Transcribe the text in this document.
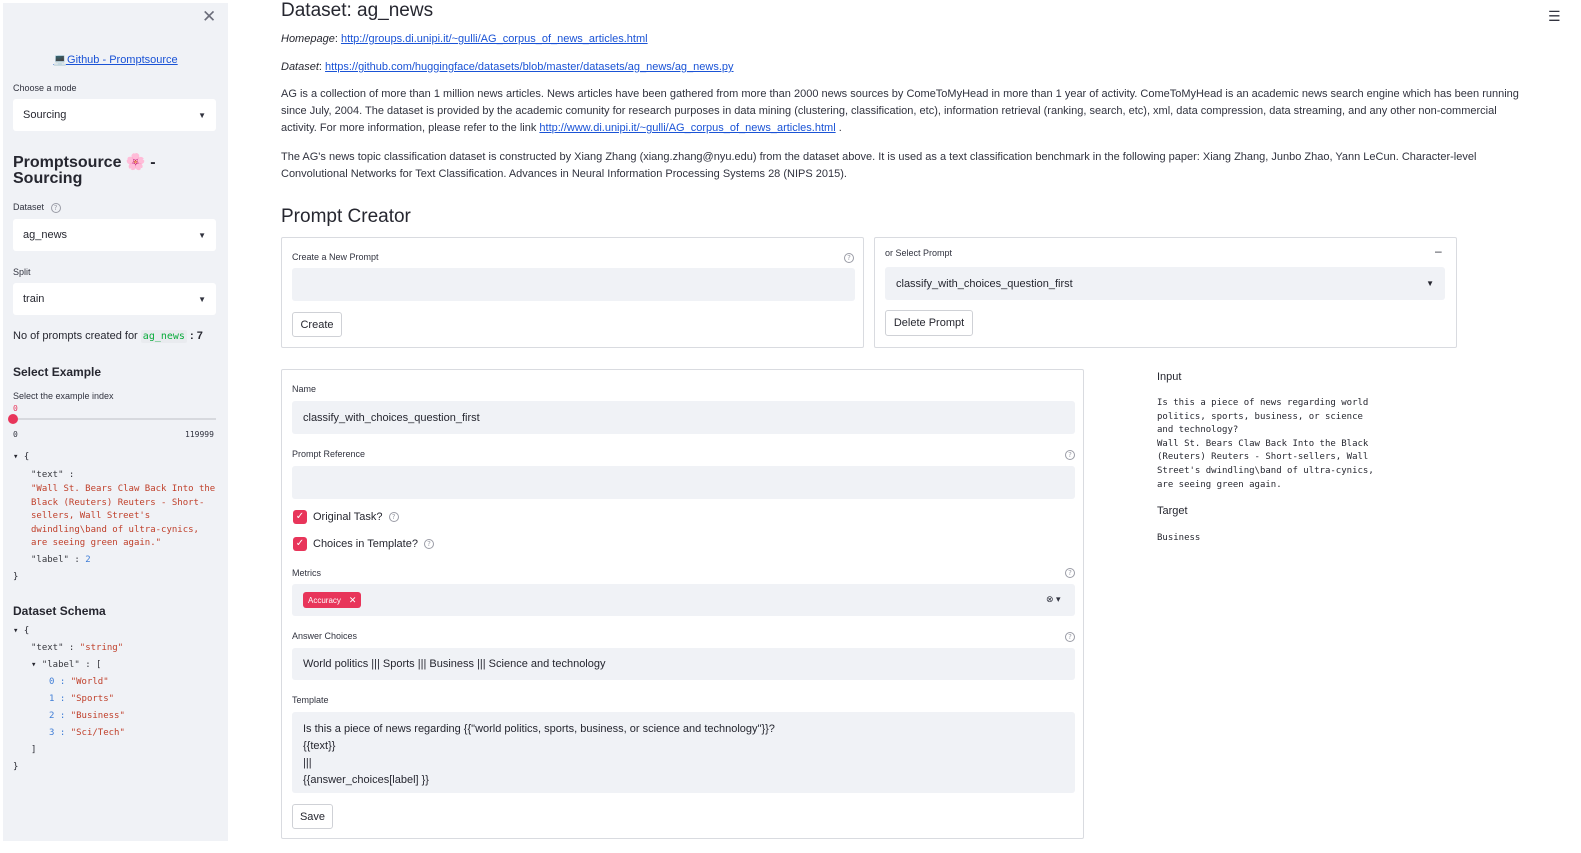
✕
💻Github - Promptsource
Choose a mode
Sourcing	▼
Promptsource 🌸 - Sourcing
Dataset ?
ag_news	▼
Split
train	▼
No of prompts created for ag_news : 7
Select Example
Select the example index
0
0	119999
▾ {
"text" :
"Wall St. Bears Claw Back Into the
Black (Reuters) Reuters - Short-
sellers, Wall Street's
dwindling\band of ultra-cynics,
are seeing green again."
"label" : 2
}
Dataset Schema
▾ {
"text" : "string"
▾ "label" : [
0 : "World"
1 : "Sports"
2 : "Business"
3 : "Sci/Tech"
]
}
Dataset: ag_news	☰
Homepage: http://groups.di.unipi.it/~gulli/AG_corpus_of_news_articles.html
Dataset: https://github.com/huggingface/datasets/blob/master/datasets/ag_news/ag_news.py
AG is a collection of more than 1 million news articles. News articles have been gathered from more than 2000 news sources by ComeToMyHead in more than 1 year of activity. ComeToMyHead is an academic news search engine which has been running since July, 2004. The dataset is provided by the academic comunity for research purposes in data mining (clustering, classification, etc), information retrieval (ranking, search, etc), xml, data compression, data streaming, and any other non-commercial activity. For more information, please refer to the link http://www.di.unipi.it/~gulli/AG_corpus_of_news_articles.html .
The AG's news topic classification dataset is constructed by Xiang Zhang (xiang.zhang@nyu.edu) from the dataset above. It is used as a text classification benchmark in the following paper: Xiang Zhang, Junbo Zhao, Yann LeCun. Character-level Convolutional Networks for Text Classification. Advances in Neural Information Processing Systems 28 (NIPS 2015).
Prompt Creator
Create a New Prompt	?
Create
or Select Prompt	–
classify_with_choices_question_first	▼
Delete Prompt
Name
classify_with_choices_question_first
Prompt Reference	?
✓ Original Task? ?
✓ Choices in Template? ?
Metrics	?
Accuracy ✕	⊗ ▾
Answer Choices	?
World politics ||| Sports ||| Business ||| Science and technology
Template
Is this a piece of news regarding {{"world politics, sports, business, or science and technology"}}?
{{text}}
|||
{{answer_choices[label] }}
Save
Input
Is this a piece of news regarding world
politics, sports, business, or science
and technology?
Wall St. Bears Claw Back Into the Black
(Reuters) Reuters - Short-sellers, Wall
Street's dwindling\band of ultra-cynics,
are seeing green again.
Target
Business
